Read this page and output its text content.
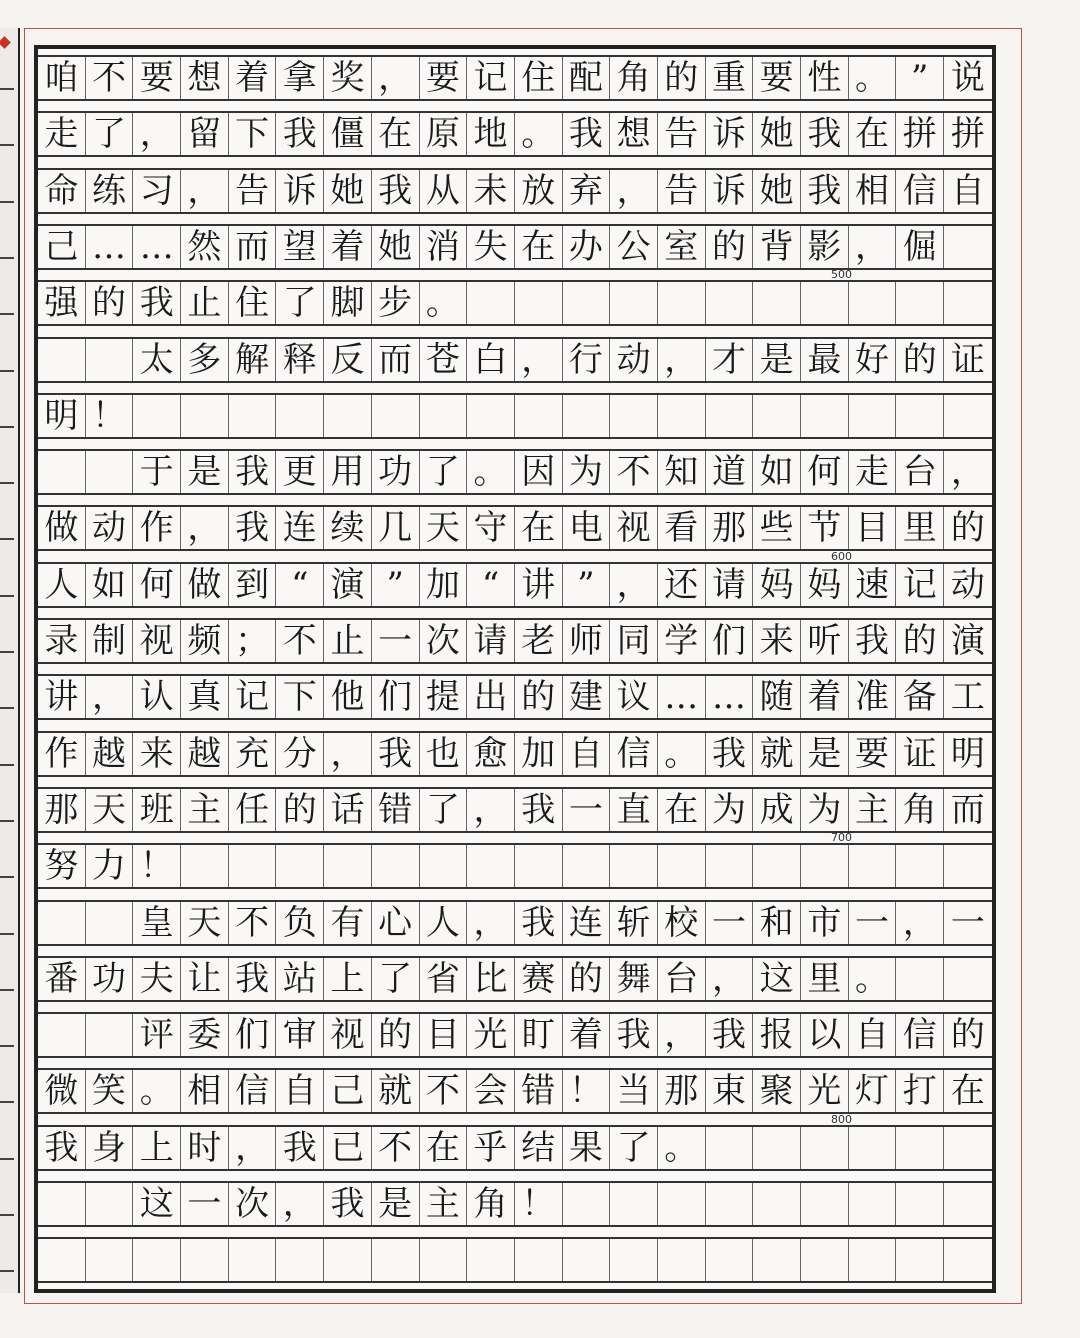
咱 不 要 想 着 拿 奖 ， 要 记 住 配 角 的 重 要 性 。 ” 说
走 了 ， 留 下 我 僵 在 原 地 。 我 想 告 诉 她 我 在 拼 拼
命 练 习 ， 告 诉 她 我 从 未 放 弃 ， 告 诉 她 我 相 信 自
己 … … 然 而 望 着 她 消 失 在 办 公 室 的 背 影 ， 倔
强 的 我 止 住 了 脚 步 。
太 多 解 释 反 而 苍 白 ， 行 动 ， 才 是 最 好 的 证
明 ！
于 是 我 更 用 功 了 。 因 为 不 知 道 如 何 走 台 ，
做 动 作 ， 我 连 续 几 天 守 在 电 视 看 那 些 节 目 里 的
人 如 何 做 到 “ 演 ” 加 “ 讲 ” ， 还 请 妈 妈 速 记 动
录 制 视 频 ； 不 止 一 次 请 老 师 同 学 们 来 听 我 的 演
讲 ， 认 真 记 下 他 们 提 出 的 建 议 … … 随 着 准 备 工
作 越 来 越 充 分 ， 我 也 愈 加 自 信 。 我 就 是 要 证 明
那 天 班 主 任 的 话 错 了 ， 我 一 直 在 为 成 为 主 角 而
努 力 ！
皇 天 不 负 有 心 人 ， 我 连 斩 校 一 和 市 一 ， 一
番 功 夫 让 我 站 上 了 省 比 赛 的 舞 台 ， 这 里 。
评 委 们 审 视 的 目 光 盯 着 我 ， 我 报 以 自 信 的
微 笑 。 相 信 自 己 就 不 会 错 ！ 当 那 束 聚 光 灯 打 在
我 身 上 时 ， 我 已 不 在 乎 结 果 了 。
这 一 次 ， 我 是 主 角 ！
500
600
700
800
